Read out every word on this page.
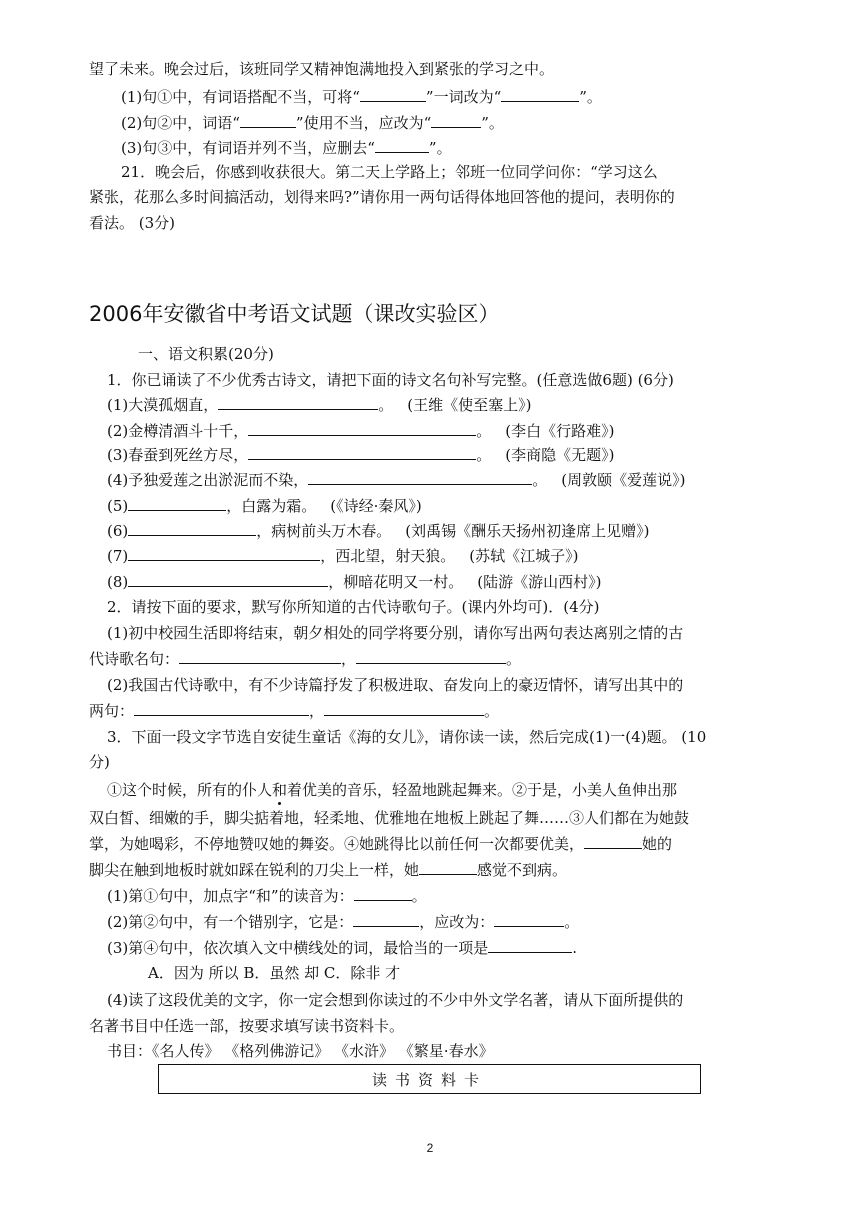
望了未来。晚会过后，该班同学又精神饱满地投入到紧张的学习之中。
(1)句①中，有词语搭配不当，可将“	”一词改为“	”。
(2)句②中，词语“	”使用不当，应改为“	”。
(3)句③中，有词语并列不当，应删去“	”。
21．晚会后，你感到收获很大。第二天上学路上；邻班一位同学问你：“学习这么
紧张，花那么多时间搞活动，划得来吗?”请你用一两句话得体地回答他的提问，表明你的
看法。 (3分)
2006年安徽省中考语文试题（课改实验区）
一、语文积累(20分)
1．你已诵读了不少优秀古诗文，请把下面的诗文名句补写完整。(任意选做6题) (6分)
(1)大漠孤烟直，	。 (王维《使至塞上》)
(2)金樽清酒斗十千，	。 (李白《行路难》)
(3)春蚕到死丝方尽，	。 (李商隐《无题》)
(4)予独爱莲之出淤泥而不染，	。 (周敦颐《爱莲说》)
(5)	，白露为霜。 (《诗经·秦风》)
(6)	，病树前头万木春。 (刘禹锡《酬乐天扬州初逢席上见赠》)
(7)	，西北望，射天狼。 (苏轼《江城子》)
(8)	，柳暗花明又一村。 (陆游《游山西村》)
2．请按下面的要求，默写你所知道的古代诗歌句子。(课内外均可)．(4分)
(1)初中校园生活即将结束，朝夕相处的同学将要分别，请你写出两句表达离别之情的古
代诗歌名句：	，	。
(2)我国古代诗歌中，有不少诗篇抒发了积极进取、奋发向上的豪迈情怀，请写出其中的
两句：	，	。
3．下面一段文字节选自安徒生童话《海的女儿》，请你读一读，然后完成(1)一(4)题。 (10
分)
①这个时候，所有的仆人和着优美的音乐，轻盈地跳起舞来。②于是，小美人鱼伸出那
双白皙、细嫩的手，脚尖掂着地，轻柔地、优雅地在地板上跳起了舞……③人们都在为她鼓
掌，为她喝彩，不停地赞叹她的舞姿。④她跳得比以前任何一次都要优美，	她的
脚尖在触到地板时就如踩在锐利的刀尖上一样，她	感觉不到病。
(1)第①句中，加点字“和”的读音为：	。
(2)第②句中，有一个错别字，它是：	，应改为：	。
(3)第④句中，依次填入文中横线处的词，最恰当的一项是	.
A．因为 所以 B．虽然 却 C．除非 才
(4)读了这段优美的文字，你一定会想到你读过的不少中外文学名著，请从下面所提供的
名著书目中任选一部，按要求填写读书资料卡。
书目：《名人传》 《格列佛游记》 《水浒》 《繁星·春水》
读书资料卡
2
